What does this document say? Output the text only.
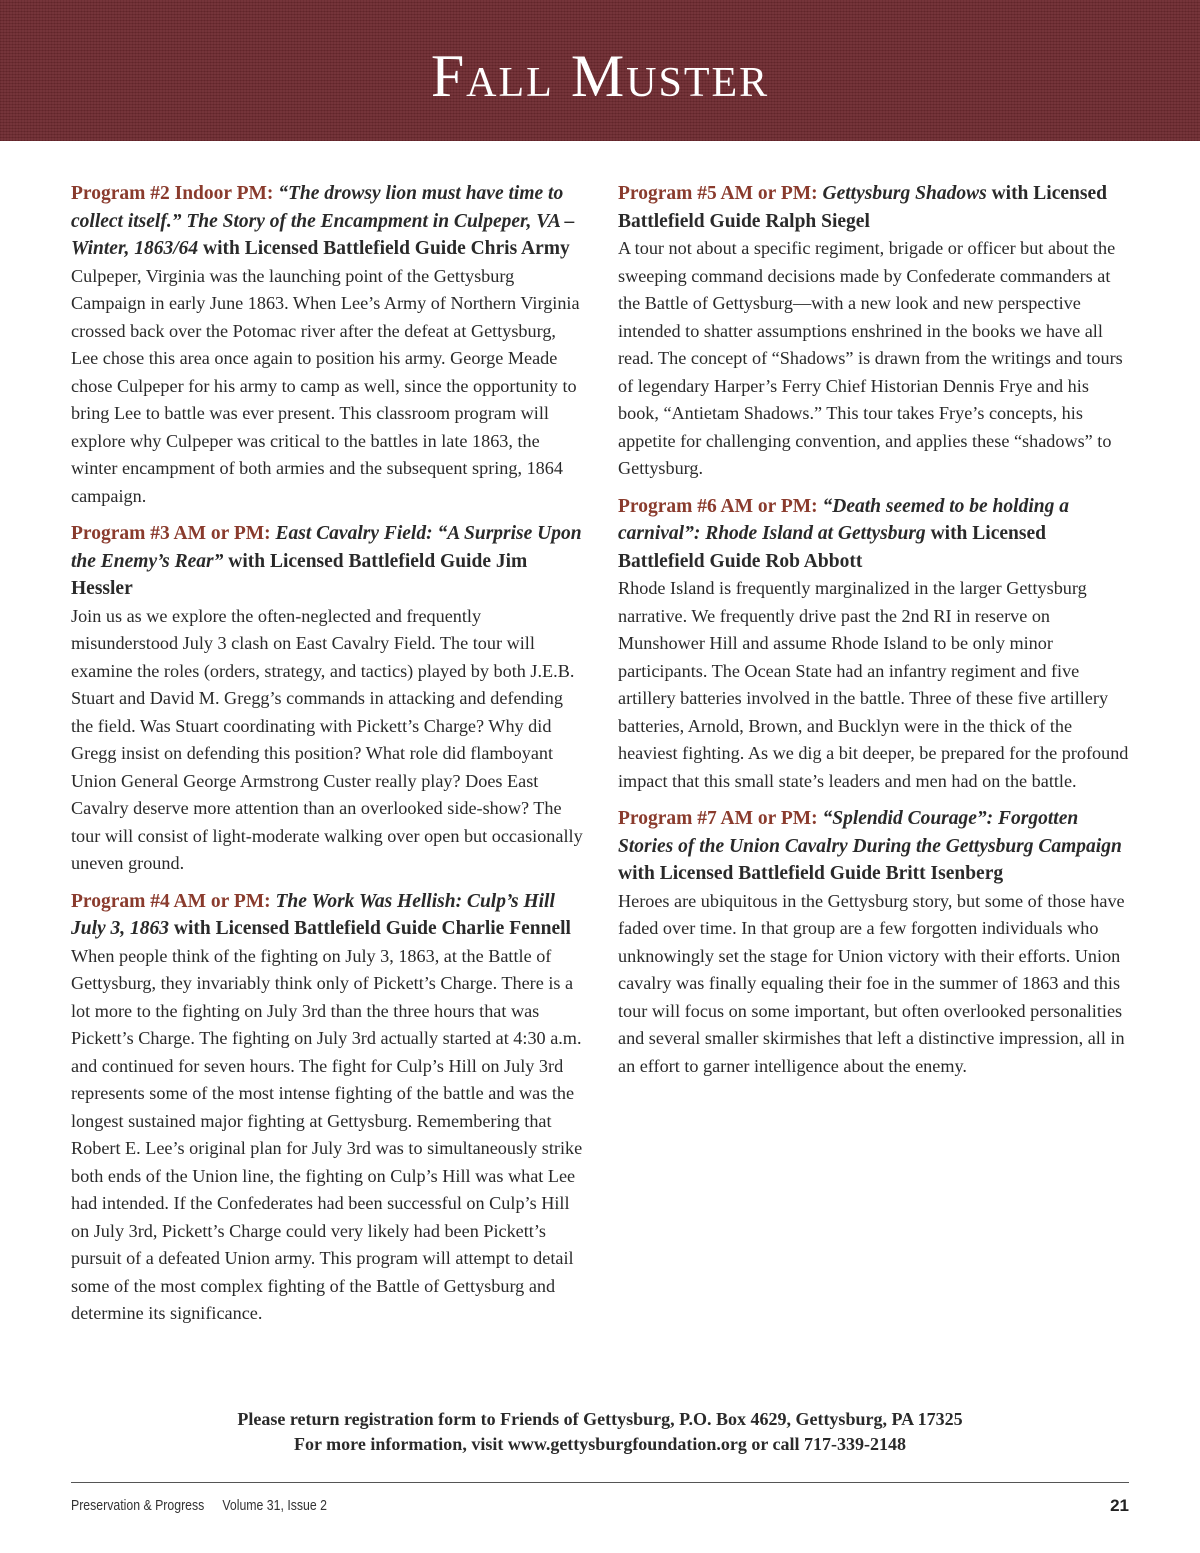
Fall Muster

Program #2 Indoor PM: “The drowsy lion must have time to collect itself.” The Story of the Encampment in Culpeper, VA – Winter, 1863/64 with Licensed Battlefield Guide Chris Army

Culpeper, Virginia was the launching point of the Gettysburg Campaign in early June 1863. When Lee’s Army of Northern Virginia crossed back over the Potomac river after the defeat at Gettysburg, Lee chose this area once again to position his army. George Meade chose Culpeper for his army to camp as well, since the opportunity to bring Lee to battle was ever present. This classroom program will explore why Culpeper was critical to the battles in late 1863, the winter encampment of both armies and the subsequent spring, 1864 campaign.

Program #3 AM or PM: East Cavalry Field: “A Surprise Upon the Enemy’s Rear” with Licensed Battlefield Guide Jim Hessler

Join us as we explore the often-neglected and frequently misunderstood July 3 clash on East Cavalry Field. The tour will examine the roles (orders, strategy, and tactics) played by both J.E.B. Stuart and David M. Gregg’s commands in attacking and defending the field. Was Stuart coordinating with Pickett’s Charge? Why did Gregg insist on defending this position? What role did flamboyant Union General George Armstrong Custer really play? Does East Cavalry deserve more attention than an overlooked side-show? The tour will consist of light-moderate walking over open but occasionally uneven ground.

Program #4 AM or PM: The Work Was Hellish: Culp’s Hill July 3, 1863 with Licensed Battlefield Guide Charlie Fennell

When people think of the fighting on July 3, 1863, at the Battle of Gettysburg, they invariably think only of Pickett’s Charge. There is a lot more to the fighting on July 3rd than the three hours that was Pickett’s Charge. The fighting on July 3rd actually started at 4:30 a.m. and continued for seven hours. The fight for Culp’s Hill on July 3rd represents some of the most intense fighting of the battle and was the longest sustained major fighting at Gettysburg. Remembering that Robert E. Lee’s original plan for July 3rd was to simultaneously strike both ends of the Union line, the fighting on Culp’s Hill was what Lee had intended. If the Confederates had been successful on Culp’s Hill on July 3rd, Pickett’s Charge could very likely had been Pickett’s pursuit of a defeated Union army. This program will attempt to detail some of the most complex fighting of the Battle of Gettysburg and determine its significance.

Program #5 AM or PM: Gettysburg Shadows with Licensed Battlefield Guide Ralph Siegel

A tour not about a specific regiment, brigade or officer but about the sweeping command decisions made by Confederate commanders at the Battle of Gettysburg—with a new look and new perspective intended to shatter assumptions enshrined in the books we have all read. The concept of “Shadows” is drawn from the writings and tours of legendary Harper’s Ferry Chief Historian Dennis Frye and his book, “Antietam Shadows.” This tour takes Frye’s concepts, his appetite for challenging convention, and applies these “shadows” to Gettysburg.

Program #6 AM or PM: “Death seemed to be holding a carnival”: Rhode Island at Gettysburg with Licensed Battlefield Guide Rob Abbott

Rhode Island is frequently marginalized in the larger Gettysburg narrative. We frequently drive past the 2nd RI in reserve on Munshower Hill and assume Rhode Island to be only minor participants. The Ocean State had an infantry regiment and five artillery batteries involved in the battle. Three of these five artillery batteries, Arnold, Brown, and Bucklyn were in the thick of the heaviest fighting. As we dig a bit deeper, be prepared for the profound impact that this small state’s leaders and men had on the battle.

Program #7 AM or PM: “Splendid Courage”: Forgotten Stories of the Union Cavalry During the Gettysburg Campaign with Licensed Battlefield Guide Britt Isenberg

Heroes are ubiquitous in the Gettysburg story, but some of those have faded over time. In that group are a few forgotten individuals who unknowingly set the stage for Union victory with their efforts. Union cavalry was finally equaling their foe in the summer of 1863 and this tour will focus on some important, but often overlooked personalities and several smaller skirmishes that left a distinctive impression, all in an effort to garner intelligence about the enemy.

Please return registration form to Friends of Gettysburg, P.O. Box 4629, Gettysburg, PA 17325
For more information, visit www.gettysburgfoundation.org or call 717-339-2148
Preservation & Progress Volume 31, Issue 2	21
